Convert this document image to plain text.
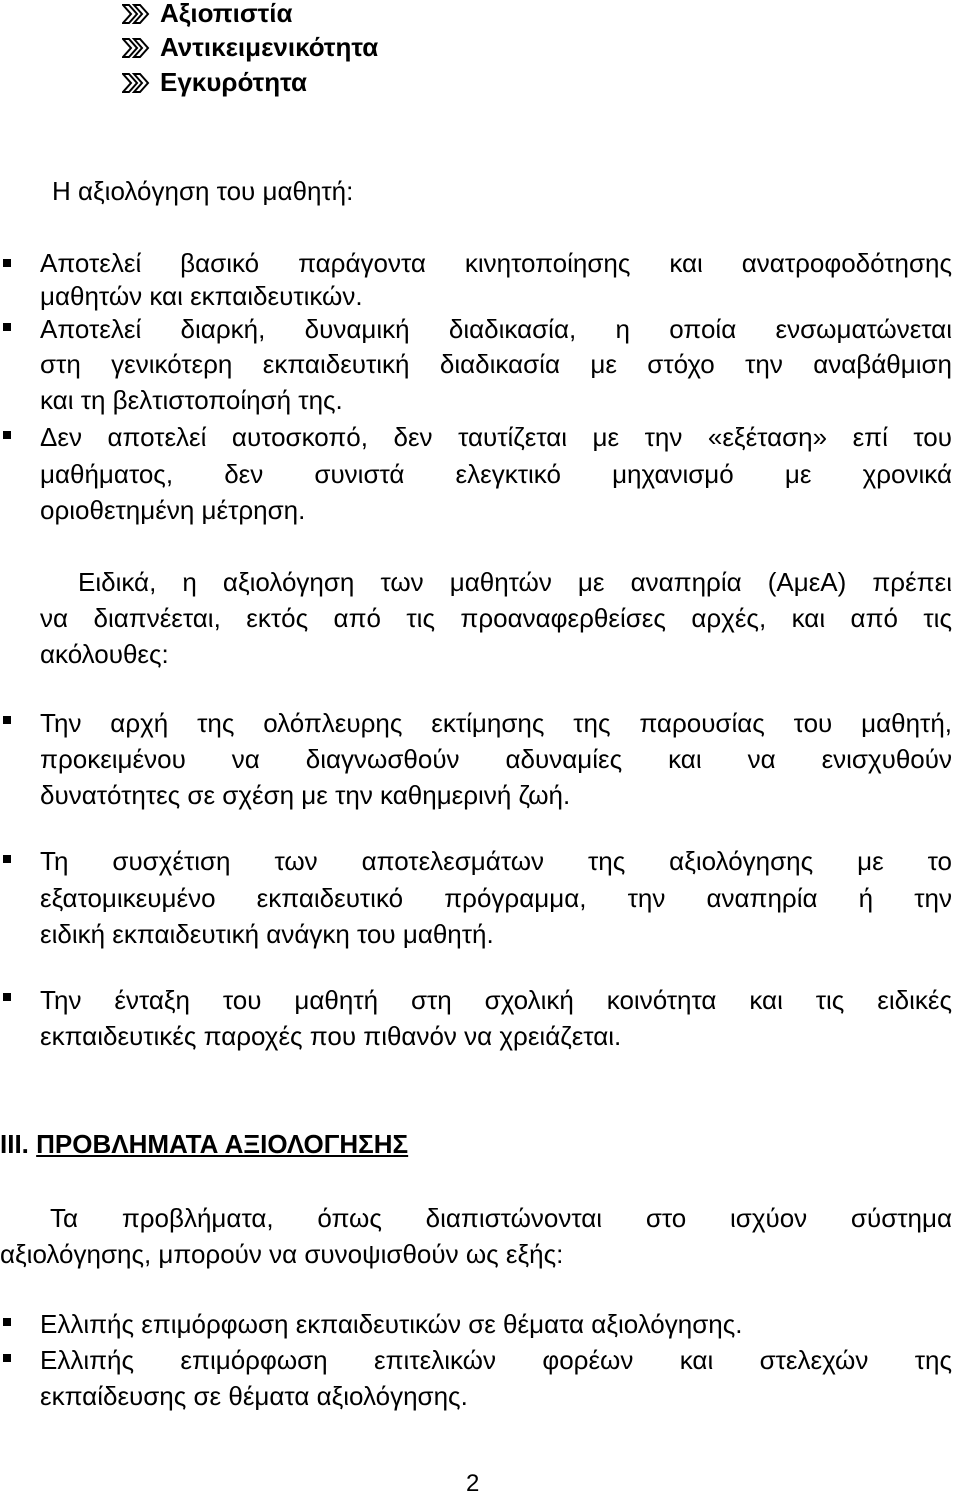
Αξιοπιστία
Αντικειμενικότητα
Εγκυρότητα
Η αξιολόγηση του μαθητή:
Αποτελεί βασικό παράγοντα κινητοποίησης και ανατροφοδότησης
μαθητών και εκπαιδευτικών.
Αποτελεί διαρκή, δυναμική διαδικασία, η οποία ενσωματώνεται
στη γενικότερη εκπαιδευτική διαδικασία με στόχο την αναβάθμιση
και τη βελτιστοποίησή της.
Δεν αποτελεί αυτοσκοπό, δεν ταυτίζεται με την «εξέταση» επί του
μαθήματος, δεν συνιστά ελεγκτικό μηχανισμό με χρονικά
οριοθετημένη μέτρηση.
Ειδικά, η αξιολόγηση των μαθητών με αναπηρία (ΑμεΑ) πρέπει
να διαπνέεται, εκτός από τις προαναφερθείσες αρχές, και από τις
ακόλουθες:
Την αρχή της ολόπλευρης εκτίμησης της παρουσίας του μαθητή,
προκειμένου να διαγνωσθούν αδυναμίες και να ενισχυθούν
δυνατότητες σε σχέση με την καθημερινή ζωή.
Τη συσχέτιση των αποτελεσμάτων της αξιολόγησης με το
εξατομικευμένο εκπαιδευτικό πρόγραμμα, την αναπηρία ή την
ειδική εκπαιδευτική ανάγκη του μαθητή.
Την ένταξη του μαθητή στη σχολική κοινότητα και τις ειδικές
εκπαιδευτικές παροχές που πιθανόν να χρειάζεται.
III. ΠΡΟΒΛΗΜΑΤΑ ΑΞΙΟΛΟΓΗΣΗΣ
Τα προβλήματα, όπως διαπιστώνονται στο ισχύον σύστημα
αξιολόγησης, μπορούν να συνοψισθούν ως εξής:
Ελλιπής επιμόρφωση εκπαιδευτικών σε θέματα αξιολόγησης.
Ελλιπής επιμόρφωση επιτελικών φορέων και στελεχών της
εκπαίδευσης σε θέματα αξιολόγησης.
2
